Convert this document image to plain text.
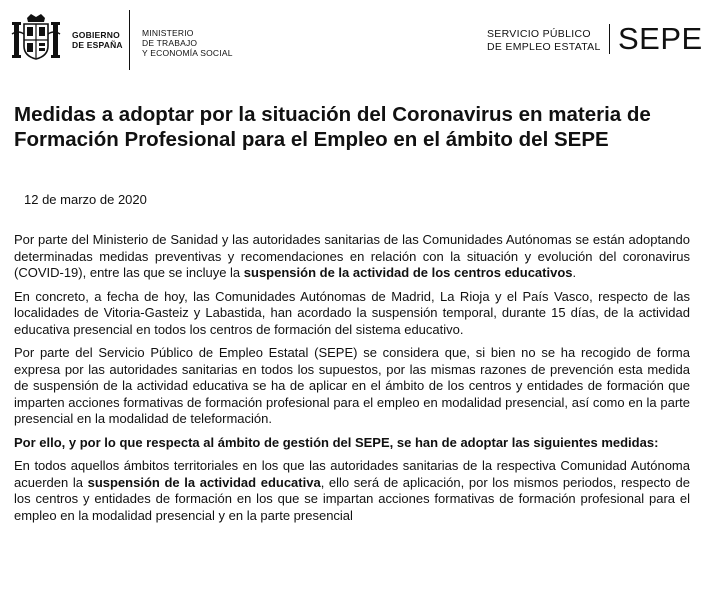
GOBIERNO
DE ESPAÑA
MINISTERIO
DE TRABAJO
Y ECONOMÍA SOCIAL
SERVICIO PÚBLICO
DE EMPLEO ESTATAL SEPE
Medidas a adoptar por la situación del Coronavirus en materia de Formación Profesional para el Empleo en el ámbito del SEPE
12 de marzo de 2020

Por parte del Ministerio de Sanidad y las autoridades sanitarias de las Comunidades Autónomas se están adoptando determinadas medidas preventivas y recomendaciones en relación con la situación y evolución del coronavirus (COVID-19), entre las que se incluye la suspensión de la actividad de los centros educativos.

En concreto, a fecha de hoy, las Comunidades Autónomas de Madrid, La Rioja y el País Vasco, respecto de las localidades de Vitoria-Gasteiz y Labastida, han acordado la suspensión temporal, durante 15 días, de la actividad educativa presencial en todos los centros de formación del sistema educativo.

Por parte del Servicio Público de Empleo Estatal (SEPE) se considera que, si bien no se ha recogido de forma expresa por las autoridades sanitarias en todos los supuestos, por las mismas razones de prevención esta medida de suspensión de la actividad educativa se ha de aplicar en el ámbito de los centros y entidades de formación que imparten acciones formativas de formación profesional para el empleo en modalidad presencial, así como en la parte presencial en la modalidad de teleformación.

Por ello, y por lo que respecta al ámbito de gestión del SEPE, se han de adoptar las siguientes medidas:

En todos aquellos ámbitos territoriales en los que las autoridades sanitarias de la respectiva Comunidad Autónoma acuerden la suspensión de la actividad educativa, ello será de aplicación, por los mismos periodos, respecto de los centros y entidades de formación en los que se impartan acciones formativas de formación profesional para el empleo en la modalidad presencial y en la parte presencial
